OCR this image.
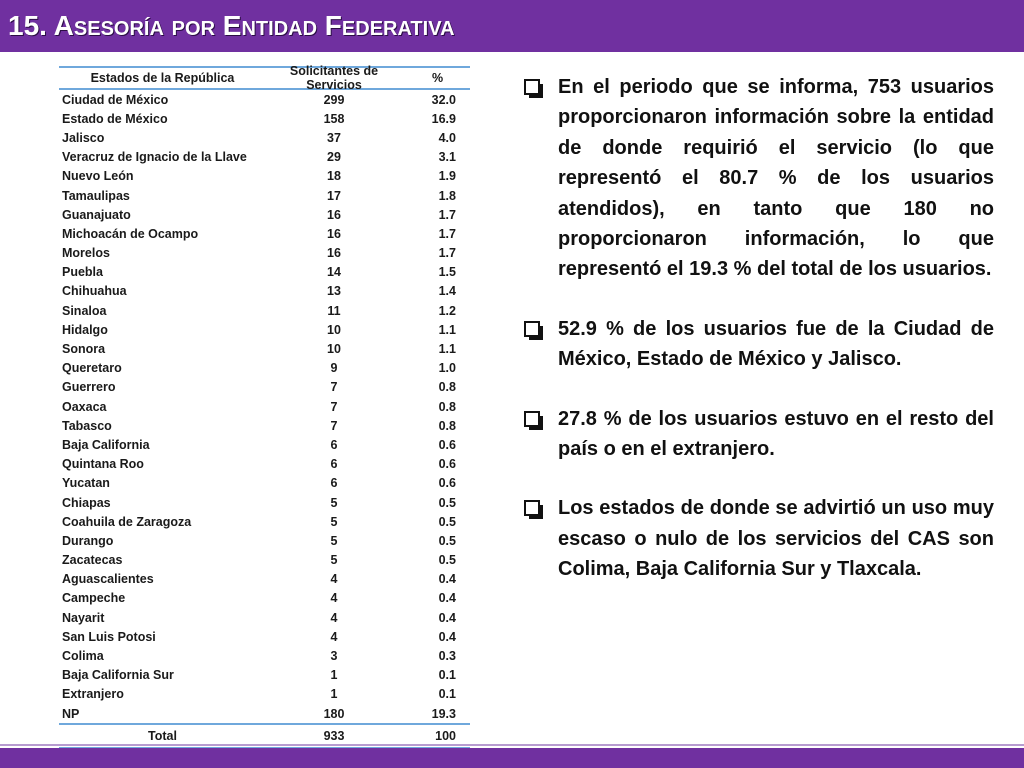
15. Asesoría por Entidad Federativa
Estados de la República	Solicitantes de Servicios	%
Ciudad de México	299	32.0
Estado de México	158	16.9
Jalisco	37	4.0
Veracruz de Ignacio de la Llave	29	3.1
Nuevo León	18	1.9
Tamaulipas	17	1.8
Guanajuato	16	1.7
Michoacán de Ocampo	16	1.7
Morelos	16	1.7
Puebla	14	1.5
Chihuahua	13	1.4
Sinaloa	11	1.2
Hidalgo	10	1.1
Sonora	10	1.1
Queretaro	9	1.0
Guerrero	7	0.8
Oaxaca	7	0.8
Tabasco	7	0.8
Baja California	6	0.6
Quintana Roo	6	0.6
Yucatan	6	0.6
Chiapas	5	0.5
Coahuila de Zaragoza	5	0.5
Durango	5	0.5
Zacatecas	5	0.5
Aguascalientes	4	0.4
Campeche	4	0.4
Nayarit	4	0.4
San Luis Potosi	4	0.4
Colima	3	0.3
Baja California Sur	1	0.1
Extranjero	1	0.1
NP	180	19.3
Total	933	100
En el periodo que se informa, 753 usuarios proporcionaron información sobre la entidad de donde requirió el servicio (lo que representó el 80.7 % de los usuarios atendidos), en tanto que 180 no proporcionaron información, lo que representó el 19.3 % del total de los usuarios.
52.9 % de los usuarios fue de la Ciudad de México, Estado de México y Jalisco.
27.8 % de los usuarios estuvo en el resto del país o en el extranjero.
Los estados de donde se advirtió un uso muy escaso o nulo de los servicios del CAS son Colima, Baja California Sur y Tlaxcala.
